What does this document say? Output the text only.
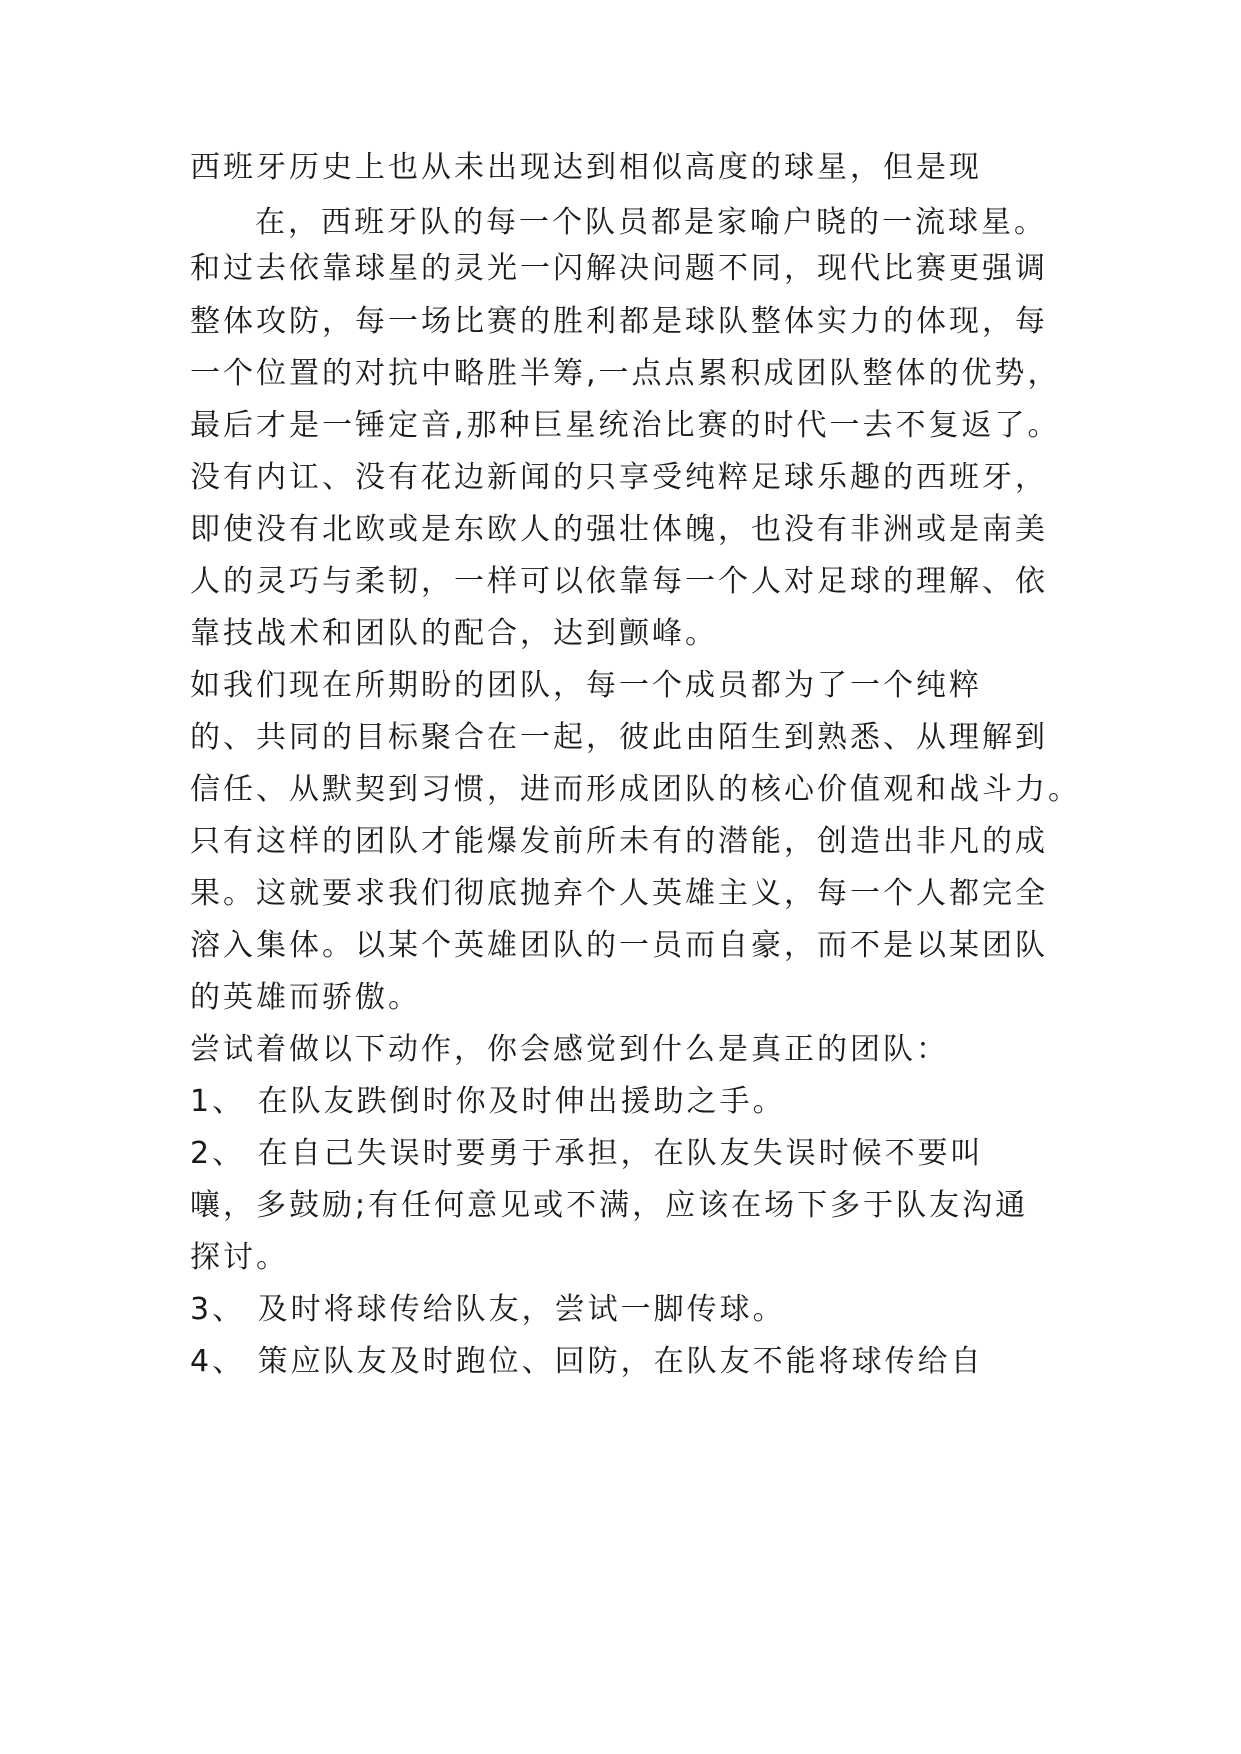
西班牙历史上也从未出现达到相似高度的球星，但是现

在，西班牙队的每一个队员都是家喻户晓的一流球星。

和过去依靠球星的灵光一闪解决问题不同，现代比赛更强调

整体攻防，每一场比赛的胜利都是球队整体实力的体现，每

一个位置的对抗中略胜半筹,一点点累积成团队整体的优势，

最后才是一锤定音,那种巨星统治比赛的时代一去不复返了。

没有内讧、没有花边新闻的只享受纯粹足球乐趣的西班牙，

即使没有北欧或是东欧人的强壮体魄，也没有非洲或是南美

人的灵巧与柔韧，一样可以依靠每一个人对足球的理解、依

靠技战术和团队的配合，达到颤峰。

如我们现在所期盼的团队，每一个成员都为了一个纯粹

的、共同的目标聚合在一起，彼此由陌生到熟悉、从理解到

信任、从默契到习惯，进而形成团队的核心价值观和战斗力。

只有这样的团队才能爆发前所未有的潜能，创造出非凡的成

果。这就要求我们彻底抛弃个人英雄主义，每一个人都完全

溶入集体。以某个英雄团队的一员而自豪，而不是以某团队

的英雄而骄傲。

尝试着做以下动作，你会感觉到什么是真正的团队：

1、 在队友跌倒时你及时伸出援助之手。

2、 在自己失误时要勇于承担，在队友失误时候不要叫

嚷，多鼓励;有任何意见或不满，应该在场下多于队友沟通

探讨。

3、 及时将球传给队友，尝试一脚传球。

4、 策应队友及时跑位、回防，在队友不能将球传给自
